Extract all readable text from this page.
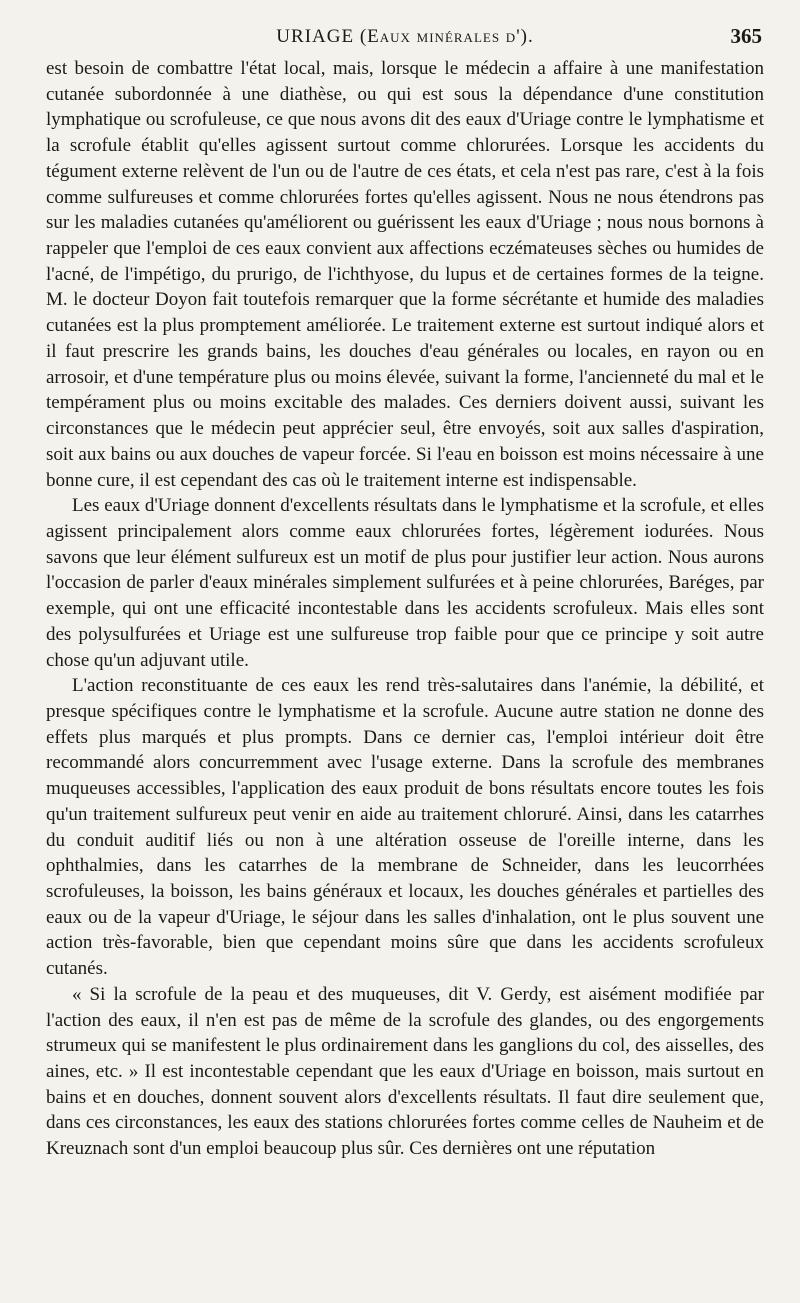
URIAGE (Eaux minérales d').	365

est besoin de combattre l'état local, mais, lorsque le médecin a affaire à une manifestation cutanée subordonnée à une diathèse, ou qui est sous la dépendance d'une constitution lymphatique ou scrofuleuse, ce que nous avons dit des eaux d'Uriage contre le lymphatisme et la scrofule établit qu'elles agissent surtout comme chlorurées. Lorsque les accidents du tégument externe relèvent de l'un ou de l'autre de ces états, et cela n'est pas rare, c'est à la fois comme sulfureuses et comme chlorurées fortes qu'elles agissent. Nous ne nous étendrons pas sur les maladies cutanées qu'améliorent ou guérissent les eaux d'Uriage ; nous nous bornons à rappeler que l'emploi de ces eaux convient aux affections eczémateuses sèches ou humides de l'acné, de l'impétigo, du prurigo, de l'ichthyose, du lupus et de certaines formes de la teigne. M. le docteur Doyon fait toutefois remarquer que la forme sécrétante et humide des maladies cutanées est la plus promptement améliorée. Le traitement externe est surtout indiqué alors et il faut prescrire les grands bains, les douches d'eau générales ou locales, en rayon ou en arrosoir, et d'une température plus ou moins élevée, suivant la forme, l'ancienneté du mal et le tempérament plus ou moins excitable des malades. Ces derniers doivent aussi, suivant les circonstances que le médecin peut apprécier seul, être envoyés, soit aux salles d'aspiration, soit aux bains ou aux douches de vapeur forcée. Si l'eau en boisson est moins nécessaire à une bonne cure, il est cependant des cas où le traitement interne est indispensable.

Les eaux d'Uriage donnent d'excellents résultats dans le lymphatisme et la scrofule, et elles agissent principalement alors comme eaux chlorurées fortes, légèrement iodurées. Nous savons que leur élément sulfureux est un motif de plus pour justifier leur action. Nous aurons l'occasion de parler d'eaux minérales simplement sulfurées et à peine chlorurées, Baréges, par exemple, qui ont une efficacité incontestable dans les accidents scrofuleux. Mais elles sont des polysulfurées et Uriage est une sulfureuse trop faible pour que ce principe y soit autre chose qu'un adjuvant utile.

L'action reconstituante de ces eaux les rend très-salutaires dans l'anémie, la débilité, et presque spécifiques contre le lymphatisme et la scrofule. Aucune autre station ne donne des effets plus marqués et plus prompts. Dans ce dernier cas, l'emploi intérieur doit être recommandé alors concurremment avec l'usage externe. Dans la scrofule des membranes muqueuses accessibles, l'application des eaux produit de bons résultats encore toutes les fois qu'un traitement sulfureux peut venir en aide au traitement chloruré. Ainsi, dans les catarrhes du conduit auditif liés ou non à une altération osseuse de l'oreille interne, dans les ophthalmies, dans les catarrhes de la membrane de Schneider, dans les leucorrhées scrofuleuses, la boisson, les bains généraux et locaux, les douches générales et partielles des eaux ou de la vapeur d'Uriage, le séjour dans les salles d'inhalation, ont le plus souvent une action très-favorable, bien que cependant moins sûre que dans les accidents scrofuleux cutanés.

« Si la scrofule de la peau et des muqueuses, dit V. Gerdy, est aisément modifiée par l'action des eaux, il n'en est pas de même de la scrofule des glandes, ou des engorgements strumeux qui se manifestent le plus ordinairement dans les ganglions du col, des aisselles, des aines, etc. » Il est incontestable cependant que les eaux d'Uriage en boisson, mais surtout en bains et en douches, donnent souvent alors d'excellents résultats. Il faut dire seulement que, dans ces circonstances, les eaux des stations chlorurées fortes comme celles de Nauheim et de Kreuznach sont d'un emploi beaucoup plus sûr. Ces dernières ont une réputation
